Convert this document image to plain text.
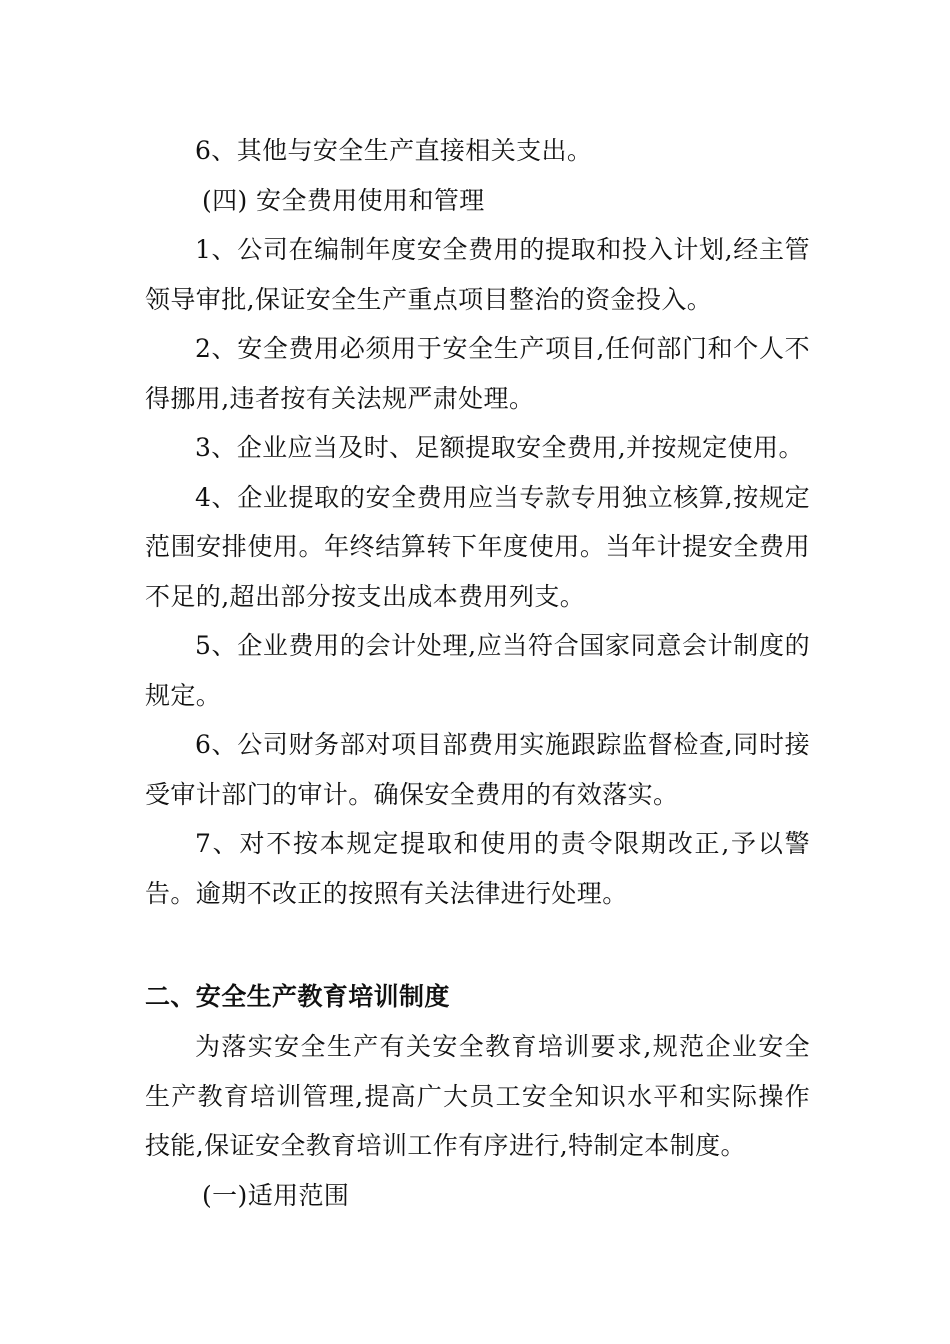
6、其他与安全生产直接相关支出。

(四) 安全费用使用和管理

1、公司在编制年度安全费用的提取和投入计划,经主管领导审批,保证安全生产重点项目整治的资金投入。

2、安全费用必须用于安全生产项目,任何部门和个人不得挪用,违者按有关法规严肃处理。

3、企业应当及时、足额提取安全费用,并按规定使用。

4、企业提取的安全费用应当专款专用独立核算,按规定范围安排使用。年终结算转下年度使用。当年计提安全费用不足的,超出部分按支出成本费用列支。

5、企业费用的会计处理,应当符合国家同意会计制度的规定。

6、公司财务部对项目部费用实施跟踪监督检查,同时接受审计部门的审计。确保安全费用的有效落实。

7、对不按本规定提取和使用的责令限期改正,予以警告。逾期不改正的按照有关法律进行处理。

二、安全生产教育培训制度

为落实安全生产有关安全教育培训要求,规范企业安全生产教育培训管理,提高广大员工安全知识水平和实际操作技能,保证安全教育培训工作有序进行,特制定本制度。

(一)适用范围
